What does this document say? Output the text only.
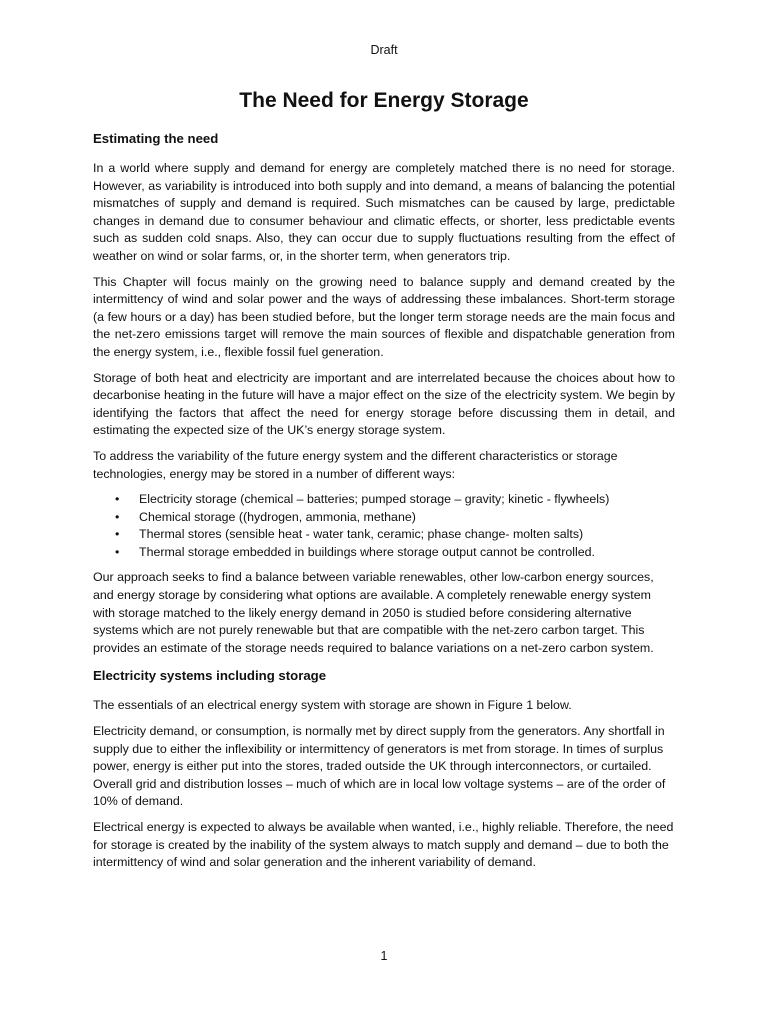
Draft
The Need for Energy Storage
Estimating the need

In a world where supply and demand for energy are completely matched there is no need for storage. However, as variability is introduced into both supply and into demand, a means of balancing the potential mismatches of supply and demand is required. Such mismatches can be caused by large, predictable changes in demand due to consumer behaviour and climatic effects, or shorter, less predictable events such as sudden cold snaps. Also, they can occur due to supply fluctuations resulting from the effect of weather on wind or solar farms, or, in the shorter term, when generators trip.

This Chapter will focus mainly on the growing need to balance supply and demand created by the intermittency of wind and solar power and the ways of addressing these imbalances. Short-term storage (a few hours or a day) has been studied before, but the longer term storage needs are the main focus and the net-zero emissions target will remove the main sources of flexible and dispatchable generation from the energy system, i.e., flexible fossil fuel generation.

Storage of both heat and electricity are important and are interrelated because the choices about how to decarbonise heating in the future will have a major effect on the size of the electricity system. We begin by identifying the factors that affect the need for energy storage before discussing them in detail, and estimating the expected size of the UK’s energy storage system.

To address the variability of the future energy system and the different characteristics or storage technologies, energy may be stored in a number of different ways:

• Electricity storage (chemical – batteries; pumped storage – gravity; kinetic - flywheels)
• Chemical storage ((hydrogen, ammonia, methane)
• Thermal stores (sensible heat - water tank, ceramic; phase change- molten salts)
• Thermal storage embedded in buildings where storage output cannot be controlled.

Our approach seeks to find a balance between variable renewables, other low-carbon energy sources, and energy storage by considering what options are available. A completely renewable energy system with storage matched to the likely energy demand in 2050 is studied before considering alternative systems which are not purely renewable but that are compatible with the net-zero carbon target. This provides an estimate of the storage needs required to balance variations on a net-zero carbon system.

Electricity systems including storage

The essentials of an electrical energy system with storage are shown in Figure 1 below.

Electricity demand, or consumption, is normally met by direct supply from the generators. Any shortfall in supply due to either the inflexibility or intermittency of generators is met from storage. In times of surplus power, energy is either put into the stores, traded outside the UK through interconnectors, or curtailed. Overall grid and distribution losses – much of which are in local low voltage systems – are of the order of 10% of demand.

Electrical energy is expected to always be available when wanted, i.e., highly reliable. Therefore, the need for storage is created by the inability of the system always to match supply and demand – due to both the intermittency of wind and solar generation and the inherent variability of demand.

1
